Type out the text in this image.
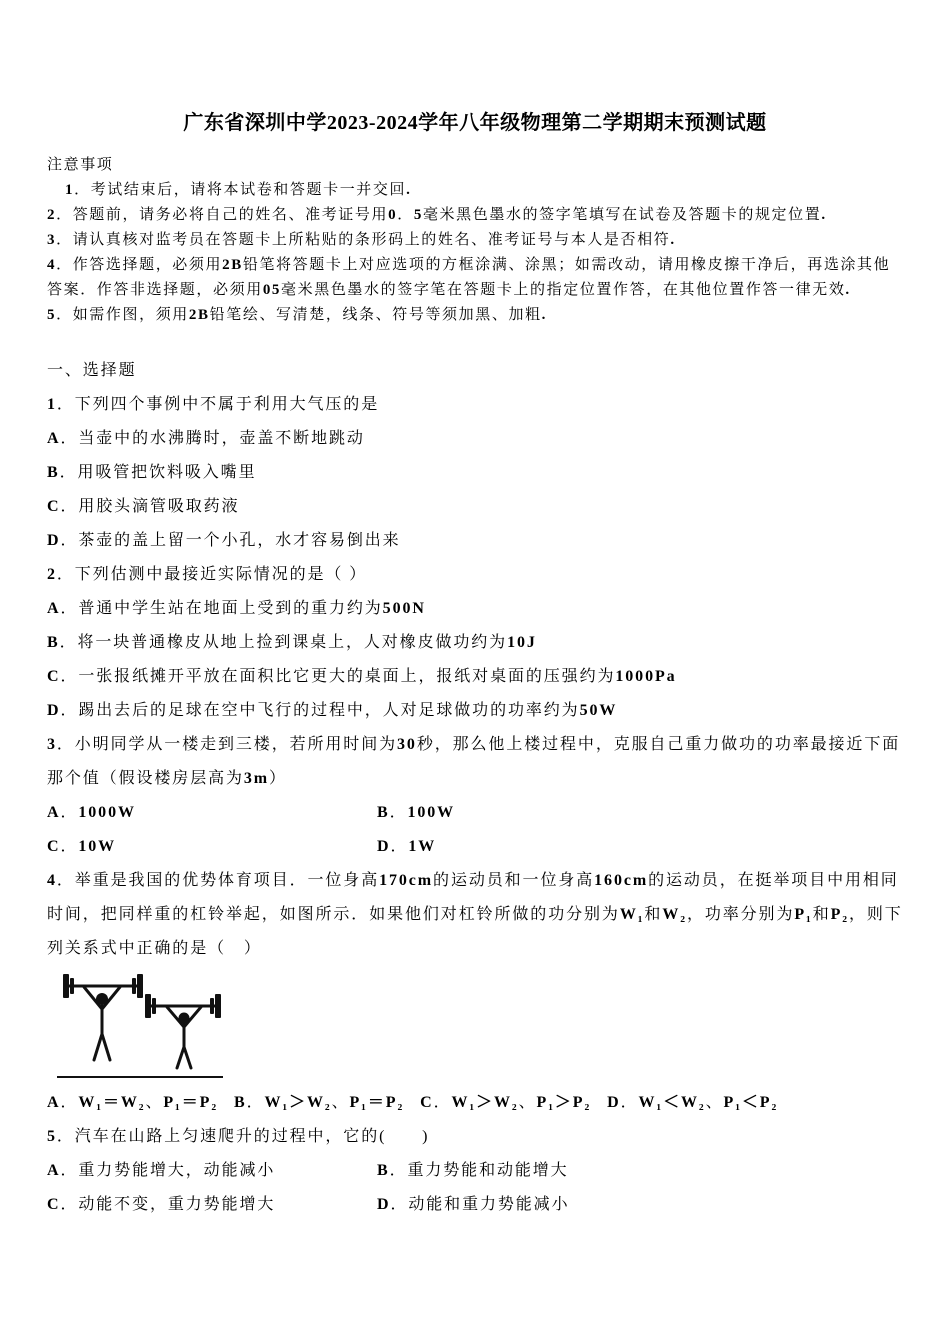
广东省深圳中学2023-2024学年八年级物理第二学期期末预测试题
注意事项
1．考试结束后，请将本试卷和答题卡一并交回.
2．答题前，请务必将自己的姓名、准考证号用0．5毫米黑色墨水的签字笔填写在试卷及答题卡的规定位置.
3．请认真核对监考员在答题卡上所粘贴的条形码上的姓名、准考证号与本人是否相符.
4．作答选择题，必须用2B铅笔将答题卡上对应选项的方框涂满、涂黑；如需改动，请用橡皮擦干净后，再选涂其他答案．作答非选择题，必须用05毫米黑色墨水的签字笔在答题卡上的指定位置作答，在其他位置作答一律无效.
5．如需作图，须用2B铅笔绘、写清楚，线条、符号等须加黑、加粗.
一、选择题
1．下列四个事例中不属于利用大气压的是
A．当壶中的水沸腾时，壶盖不断地跳动
B．用吸管把饮料吸入嘴里
C．用胶头滴管吸取药液
D．茶壶的盖上留一个小孔，水才容易倒出来
2．下列估测中最接近实际情况的是（ ）
A．普通中学生站在地面上受到的重力约为500N
B．将一块普通橡皮从地上捡到课桌上，人对橡皮做功约为10J
C．一张报纸摊开平放在面积比它更大的桌面上，报纸对桌面的压强约为1000Pa
D．踢出去后的足球在空中飞行的过程中，人对足球做功的功率约为50W
3．小明同学从一楼走到三楼，若所用时间为30秒，那么他上楼过程中，克服自己重力做功的功率最接近下面那个值（假设楼房层高为3m）
A．1000W	B．100W
C．10W	D．1W
4．举重是我国的优势体育项目．一位身高170cm的运动员和一位身高160cm的运动员，在挺举项目中用相同时间，把同样重的杠铃举起，如图所示．如果他们对杠铃所做的功分别为W₁和W₂，功率分别为P₁和P₂，则下列关系式中正确的是（　）
A．W₁＝W₂、P₁＝P₂ B．W₁＞W₂、P₁＝P₂ C．W₁＞W₂、P₁＞P₂ D．W₁＜W₂、P₁＜P₂
5．汽车在山路上匀速爬升的过程中，它的(　　)
A．重力势能增大，动能减小	B．重力势能和动能增大
C．动能不变，重力势能增大	D．动能和重力势能减小
